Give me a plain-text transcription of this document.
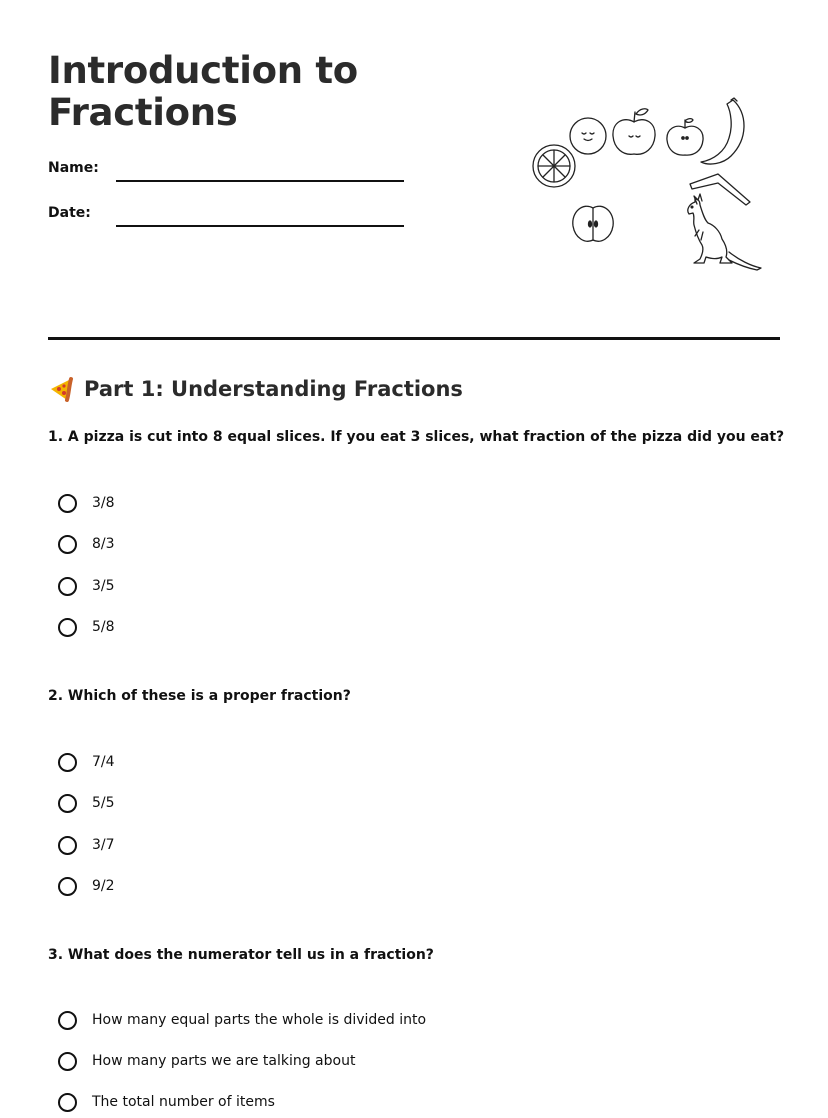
Introduction to Fractions
Name:
Date:
Part 1: Understanding Fractions

1. A pizza is cut into 8 equal slices. If you eat 3 slices, what fraction of the pizza did you eat?

3/8
8/3
3/5
5/8

2. Which of these is a proper fraction?

7/4
5/5
3/7
9/2

3. What does the numerator tell us in a fraction?

How many equal parts the whole is divided into
How many parts we are talking about
The total number of items
